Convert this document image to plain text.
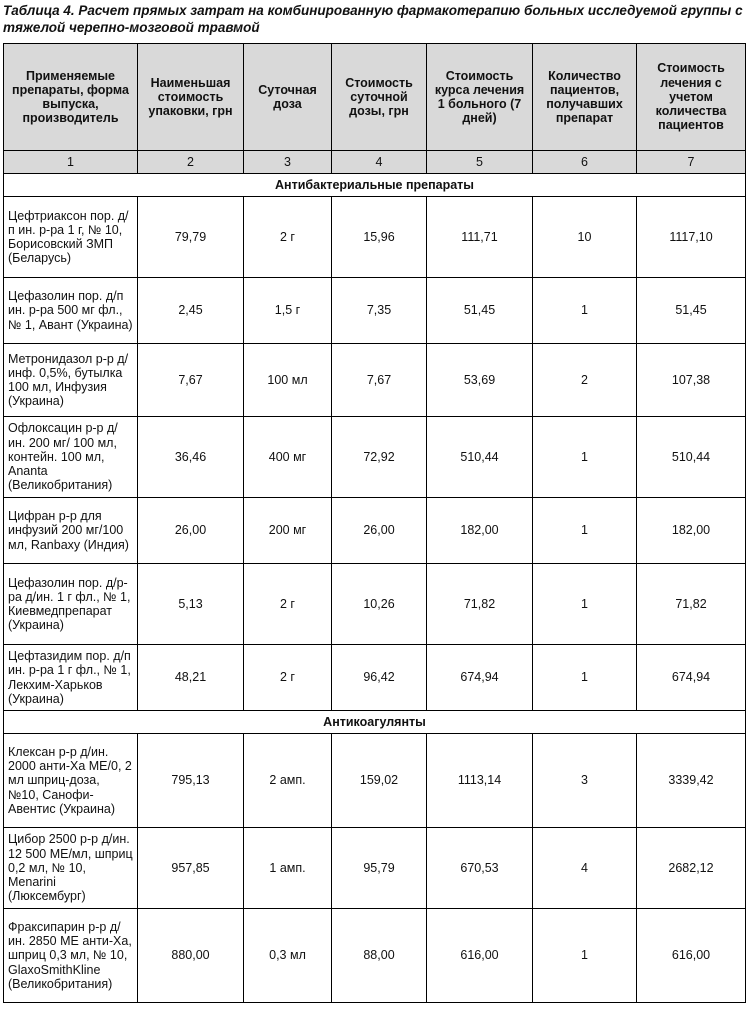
Таблица 4. Расчет прямых затрат на комбинированную фармакотерапию больных исследуемой группы с тяжелой черепно-мозговой травмой
Применяемые препараты, форма выпуска, производитель	Наименьшая стоимость упаковки, грн	Суточная доза	Стоимость суточной дозы, грн	Стоимость курса лечения 1 больного (7 дней)	Количество пациентов, получавших препарат	Стоимость лечения с учетом количества пациентов
1	2	3	4	5	6	7
Антибактериальные препараты						
Цефтриаксон пор. д/п ин. р-ра 1 г, № 10, Борисовский ЗМП (Беларусь)	79,79	2 г	15,96	111,71	10	1117,10
Цефазолин пор. д/п ин. р-ра 500 мг фл., № 1, Авант (Украина)	2,45	1,5 г	7,35	51,45	1	51,45
Метронидазол р-р д/инф. 0,5%, бутылка 100 мл, Инфузия (Украина)	7,67	100 мл	7,67	53,69	2	107,38
Офлоксацин р-р д/ин. 200 мг/ 100 мл, контейн. 100 мл, Ananta (Великобритания)	36,46	400 мг	72,92	510,44	1	510,44
Цифран р-р для инфузий 200 мг/100 мл, Ranbaxy (Индия)	26,00	200 мг	26,00	182,00	1	182,00
Цефазолин пор. д/р-ра д/ин. 1 г фл., № 1, Киевмедпрепарат (Украина)	5,13	2 г	10,26	71,82	1	71,82
Цефтазидим пор. д/п ин. р-ра 1 г фл., № 1, Лекхим-Харьков (Украина)	48,21	2 г	96,42	674,94	1	674,94
Антикоагулянты						
Клексан р-р д/ин. 2000 анти-Ха МЕ/0, 2 мл шприц-доза, №10, Санофи-Авентис (Украина)	795,13	2 амп.	159,02	1113,14	3	3339,42
Цибор 2500 р-р д/ин. 12 500 МЕ/мл, шприц 0,2 мл, № 10, Menarini (Люксембург)	957,85	1 амп.	95,79	670,53	4	2682,12
Фраксипарин р-р д/ин. 2850 МЕ анти-Ха, шприц 0,3 мл, № 10, GlaxoSmithKline (Великобритания)	880,00	0,3 мл	88,00	616,00	1	616,00
